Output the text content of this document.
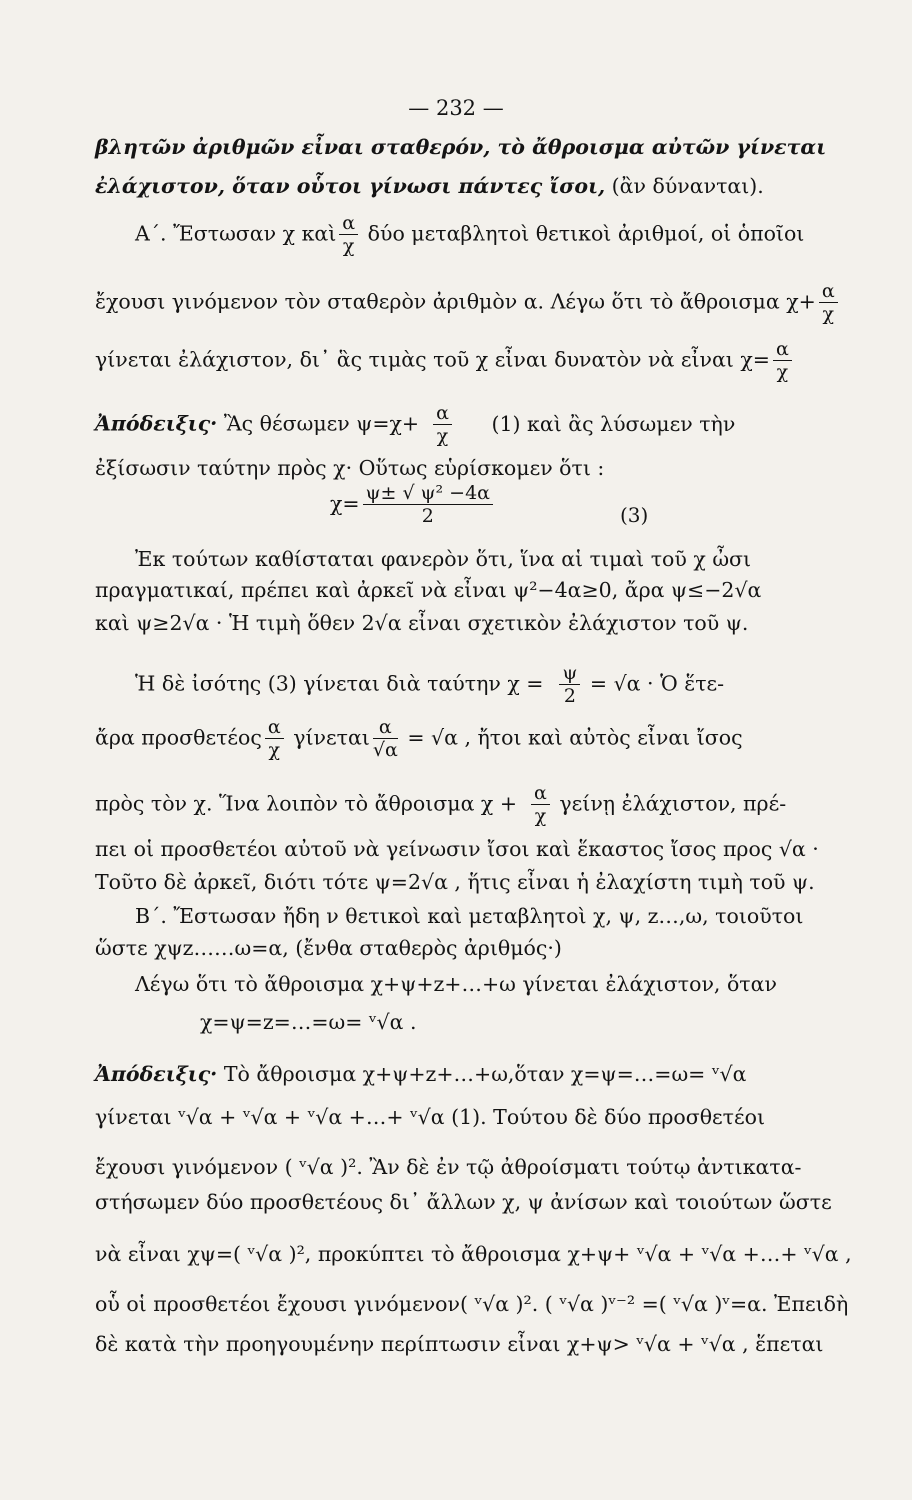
— 232 —
βλητῶν ἀριθμῶν εἶναι σταθερόν, τὸ ἄθροισμα αὐτῶν γίνεται
ἐλάχιστον, ὅταν οὗτοι γίνωσι πάντες ἴσοι, (ἂν δύνανται).
Α΄. Ἔστωσαν χ καὶ $\frac{\alpha}{\chi}$ δύο μεταβλητοὶ θετικοὶ ἀριθμοί, οἱ ὁποῖοι
ἔχουσι γινόμενον τὸν σταθερὸν ἀριθμὸν α. Λέγω ὅτι τὸ ἄθροισμα $\chi+ \frac{\alpha}{\chi}$
γίνεται ἐλάχιστον, δι᾽ ἃς τιμὰς τοῦ χ εἶναι δυνατὸν νὰ εἶναι $\chi= \frac{\alpha}{\chi}$
Ἀπόδειξις· Ἂς θέσωμεν $\psi=\chi+ \frac{\alpha}{\chi} (1)$ καὶ ἂς λύσωμεν τὴν
ἐξίσωσιν ταύτην πρὸς χ· Οὕτως εὑρίσκομεν ὅτι :
$\chi= \frac{\text{ψ± √ ψ² −4α}}{2}$	(3)
Ἐκ τούτων καθίσταται φανερὸν ὅτι, ἵνα αἱ τιμαὶ τοῦ χ ὦσι
πραγματικαί, πρέπει καὶ ἀρκεῖ νὰ εἶναι ψ²−4α≥0, ἄρα ψ≤−2√α
καὶ ψ≥2√α · Ἡ τιμὴ ὅθεν 2√α εἶναι σχετικὸν ἐλάχιστον τοῦ ψ.
Ἡ δὲ ἰσότης (3) γίνεται διὰ ταύτην $\chi = \frac{\psi}{2} = √\alpha$ · Ὁ ἕτε-
ἄρα προσθετέος $\frac{\alpha}{\chi}$ γίνεται $\frac{\alpha}{√\alpha} = √\alpha$ , ἤτοι καὶ αὐτὸς εἶναι ἴσος
πρὸς τὸν χ. Ἵνα λοιπὸν τὸ ἄθροισμα $\chi + \frac{\alpha}{\chi}$ γείνῃ ἐλάχιστον, πρέ-
πει οἱ προσθετέοι αὐτοῦ νὰ γείνωσιν ἴσοι καὶ ἕκαστος ἴσος προς √α ·
Τοῦτο δὲ ἀρκεῖ, διότι τότε ψ=2√α , ἥτις εἶναι ἡ ἐλαχίστη τιμὴ τοῦ ψ.
Β΄. Ἔστωσαν ἤδη ν θετικοὶ καὶ μεταβλητοὶ χ, ψ, z…,ω, τοιοῦτοι
ὥστε χψz……ω=α, (ἔνθα σταθερὸς ἀριθμός·)
Λέγω ὅτι τὸ ἄθροισμα χ+ψ+z+…+ω γίνεται ἐλάχιστον, ὅταν
χ=ψ=z=…=ω= ᵛ√α .
Ἀπόδειξις· Τὸ ἄθροισμα χ+ψ+z+…+ω,ὅταν χ=ψ=…=ω= ᵛ√α
γίνεται ᵛ√α + ᵛ√α + ᵛ√α +…+ ᵛ√α (1). Τούτου δὲ δύο προσθετέοι
ἔχουσι γινόμενον ( ᵛ√α )². Ἂν δὲ ἐν τῷ ἀθροίσματι τούτῳ ἀντικατα-
στήσωμεν δύο προσθετέους δι᾽ ἄλλων χ, ψ ἀνίσων καὶ τοιούτων ὥστε
νὰ εἶναι χψ=( ᵛ√α )², προκύπτει τὸ ἄθροισμα χ+ψ+ ᵛ√α + ᵛ√α +…+ ᵛ√α ,
οὗ οἱ προσθετέοι ἔχουσι γινόμενον( ᵛ√α )². ( ᵛ√α )ᵛ⁻² =( ᵛ√α )ᵛ=α. Ἐπειδὴ
δὲ κατὰ τὴν προηγουμένην περίπτωσιν εἶναι χ+ψ> ᵛ√α + ᵛ√α , ἕπεται
